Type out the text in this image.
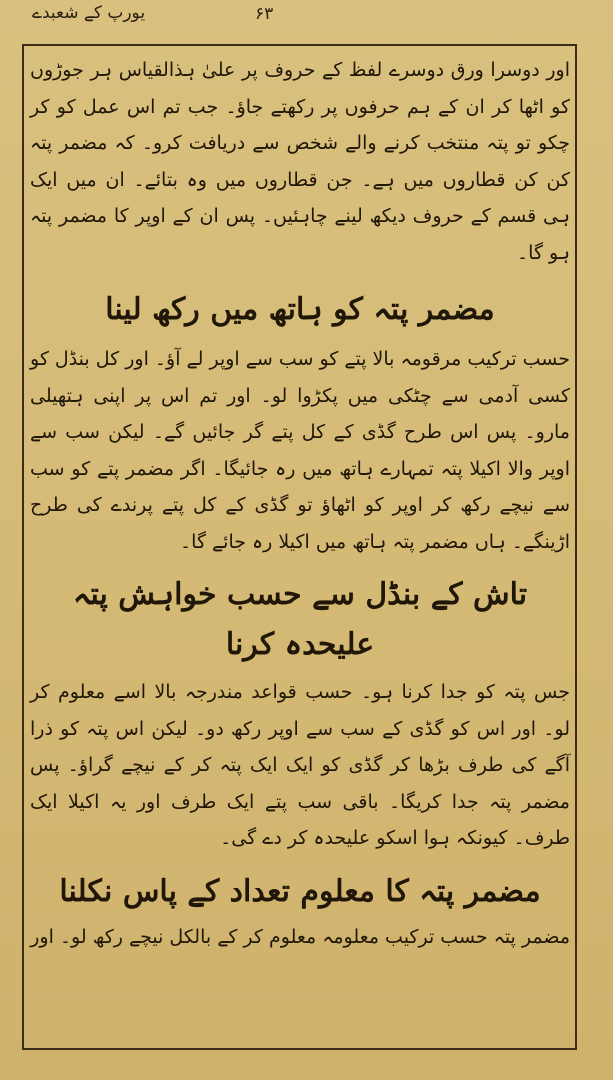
یورپ کے شعبدے	۶۳

اور دوسرا ورق دوسرے لفظ کے حروف پر علیٰ ہذالقیاس ہر جوڑوں کو اٹھا کر ان کے ہم حرفوں پر رکھتے جاؤ۔ جب تم اس عمل کو کر چکو تو پتہ منتخب کرنے والے شخص سے دریافت کرو۔ کہ مضمر پتہ کن کن قطاروں میں ہے۔ جن قطاروں میں وہ بتائے۔ ان میں ایک ہی قسم کے حروف دیکھ لینے چاہئیں۔ پس ان کے اوپر کا مضمر پتہ ہو گا۔

مضمر پتہ کو ہاتھ میں رکھ لینا

حسب ترکیب مرقومہ بالا پتے کو سب سے اوپر لے آؤ۔ اور کل بنڈل کو کسی آدمی سے چٹکی میں پکڑوا لو۔ اور تم اس پر اپنی ہتھیلی مارو۔ پس اس طرح گڈی کے کل پتے گر جائیں گے۔ لیکن سب سے اوپر والا اکیلا پتہ تمہارے ہاتھ میں رہ جائیگا۔ اگر مضمر پتے کو سب سے نیچے رکھ کر اوپر کو اٹھاؤ تو گڈی کے کل پتے پرندے کی طرح اڑینگے۔ ہاں مضمر پتہ ہاتھ میں اکیلا رہ جائے گا۔

تاش کے بنڈل سے حسب خواہش پتہ علیحدہ کرنا

جس پتہ کو جدا کرنا ہو۔ حسب قواعد مندرجہ بالا اسے معلوم کر لو۔ اور اس کو گڈی کے سب سے اوپر رکھ دو۔ لیکن اس پتہ کو ذرا آگے کی طرف بڑھا کر گڈی کو ایک ایک پتہ کر کے نیچے گراؤ۔ پس مضمر پتہ جدا کریگا۔ باقی سب پتے ایک طرف اور یہ اکیلا ایک طرف۔ کیونکہ ہوا اسکو علیحدہ کر دے گی۔

مضمر پتہ کا معلوم تعداد کے پاس نکلنا

مضمر پتہ حسب ترکیب معلومہ معلوم کر کے بالکل نیچے رکھ لو۔ اور
